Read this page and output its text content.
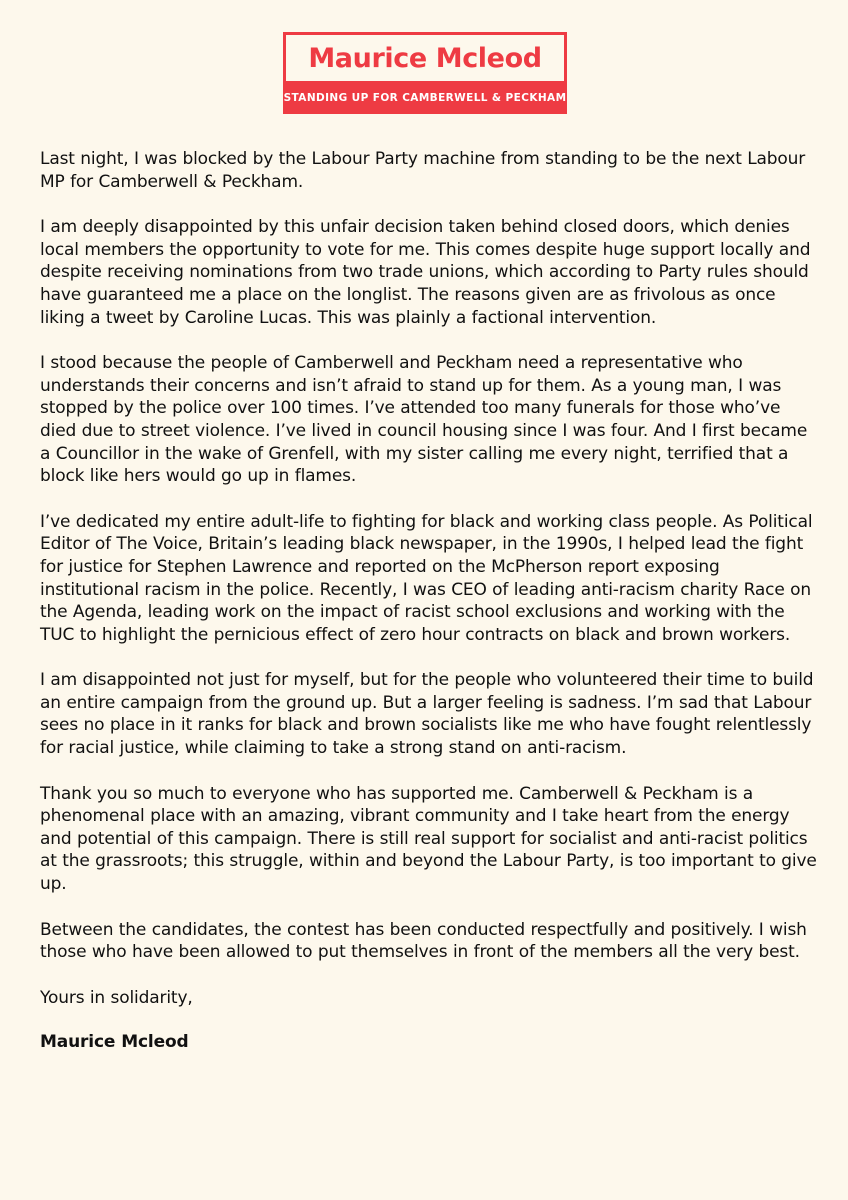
Maurice Mcleod
STANDING UP FOR CAMBERWELL & PECKHAM

Last night, I was blocked by the Labour Party machine from standing to be the next Labour MP for Camberwell & Peckham.

I am deeply disappointed by this unfair decision taken behind closed doors, which denies local members the opportunity to vote for me. This comes despite huge support locally and despite receiving nominations from two trade unions, which according to Party rules should have guaranteed me a place on the longlist. The reasons given are as frivolous as once liking a tweet by Caroline Lucas. This was plainly a factional intervention.

I stood because the people of Camberwell and Peckham need a representative who understands their concerns and isn’t afraid to stand up for them. As a young man, I was stopped by the police over 100 times. I’ve attended too many funerals for those who’ve died due to street violence. I’ve lived in council housing since I was four. And I first became a Councillor in the wake of Grenfell, with my sister calling me every night, terrified that a block like hers would go up in flames.

I’ve dedicated my entire adult-life to fighting for black and working class people. As Political Editor of The Voice, Britain’s leading black newspaper, in the 1990s, I helped lead the fight for justice for Stephen Lawrence and reported on the McPherson report exposing institutional racism in the police. Recently, I was CEO of leading anti-racism charity Race on the Agenda, leading work on the impact of racist school exclusions and working with the TUC to highlight the pernicious effect of zero hour contracts on black and brown workers.

I am disappointed not just for myself, but for the people who volunteered their time to build an entire campaign from the ground up. But a larger feeling is sadness. I’m sad that Labour sees no place in it ranks for black and brown socialists like me who have fought relentlessly for racial justice, while claiming to take a strong stand on anti-racism.

Thank you so much to everyone who has supported me. Camberwell & Peckham is a phenomenal place with an amazing, vibrant community and I take heart from the energy and potential of this campaign. There is still real support for socialist and anti-racist politics at the grassroots; this struggle, within and beyond the Labour Party, is too important to give up.

Between the candidates, the contest has been conducted respectfully and positively. I wish those who have been allowed to put themselves in front of the members all the very best.

Yours in solidarity,

Maurice Mcleod
